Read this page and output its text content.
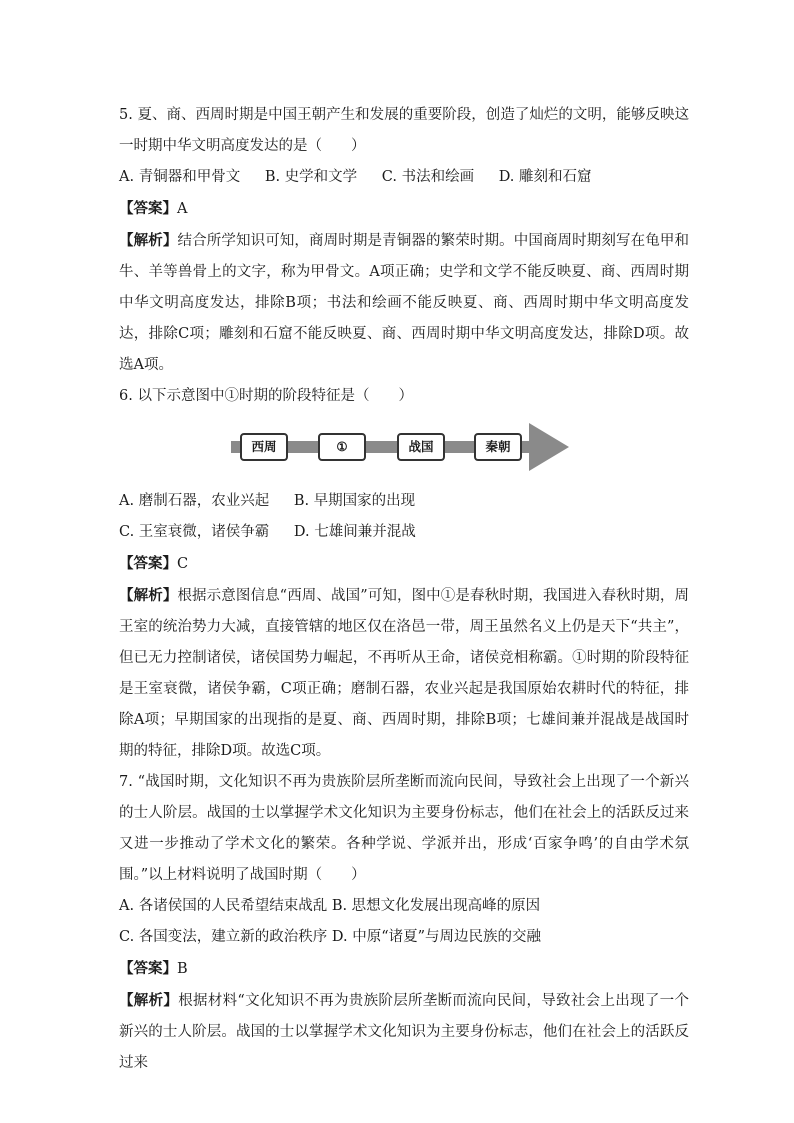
5. 夏、商、西周时期是中国王朝产生和发展的重要阶段，创造了灿烂的文明，能够反映这一时期中华文明高度发达的是（　　）

A. 青铜器和甲骨文 B. 史学和文学 C. 书法和绘画 D. 雕刻和石窟

【答案】A

【解析】结合所学知识可知，商周时期是青铜器的繁荣时期。中国商周时期刻写在龟甲和牛、羊等兽骨上的文字，称为甲骨文。A项正确；史学和文学不能反映夏、商、西周时期中华文明高度发达，排除B项；书法和绘画不能反映夏、商、西周时期中华文明高度发达，排除C项；雕刻和石窟不能反映夏、商、西周时期中华文明高度发达，排除D项。故选A项。

6. 以下示意图中①时期的阶段特征是（　　）

西周	①	战国	秦朝

A. 磨制石器，农业兴起 B. 早期国家的出现

C. 王室衰微，诸侯争霸 D. 七雄间兼并混战

【答案】C

【解析】根据示意图信息“西周、战国”可知，图中①是春秋时期，我国进入春秋时期，周王室的统治势力大减，直接管辖的地区仅在洛邑一带，周王虽然名义上仍是天下“共主”，但已无力控制诸侯，诸侯国势力崛起，不再听从王命，诸侯竞相称霸。①时期的阶段特征是王室衰微，诸侯争霸，C项正确；磨制石器，农业兴起是我国原始农耕时代的特征，排除A项；早期国家的出现指的是夏、商、西周时期，排除B项；七雄间兼并混战是战国时期的特征，排除D项。故选C项。

7. “战国时期，文化知识不再为贵族阶层所垄断而流向民间，导致社会上出现了一个新兴的士人阶层。战国的士以掌握学术文化知识为主要身份标志，他们在社会上的活跃反过来又进一步推动了学术文化的繁荣。各种学说、学派并出，形成‘百家争鸣’的自由学术氛围。”以上材料说明了战国时期（　　）

A. 各诸侯国的人民希望结束战乱 B. 思想文化发展出现高峰的原因

C. 各国变法，建立新的政治秩序 D. 中原“诸夏”与周边民族的交融

【答案】B

【解析】根据材料“文化知识不再为贵族阶层所垄断而流向民间，导致社会上出现了一个新兴的士人阶层。战国的士以掌握学术文化知识为主要身份标志，他们在社会上的活跃反过来
